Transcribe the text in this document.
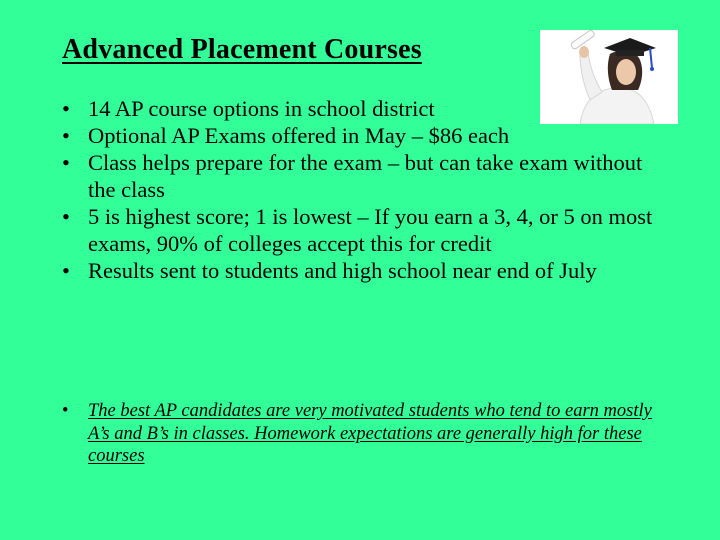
Advanced Placement Courses
• 14 AP course options in school district
• Optional AP Exams offered in May – $86 each
• Class helps prepare for the exam – but can take exam without the class
• 5 is highest score; 1 is lowest – If you earn a 3, 4, or 5 on most exams, 90% of colleges accept this for credit
• Results sent to students and high school near end of July
• The best AP candidates are very motivated students who tend to earn mostly A’s and B’s in classes. Homework expectations are generally high for these courses
